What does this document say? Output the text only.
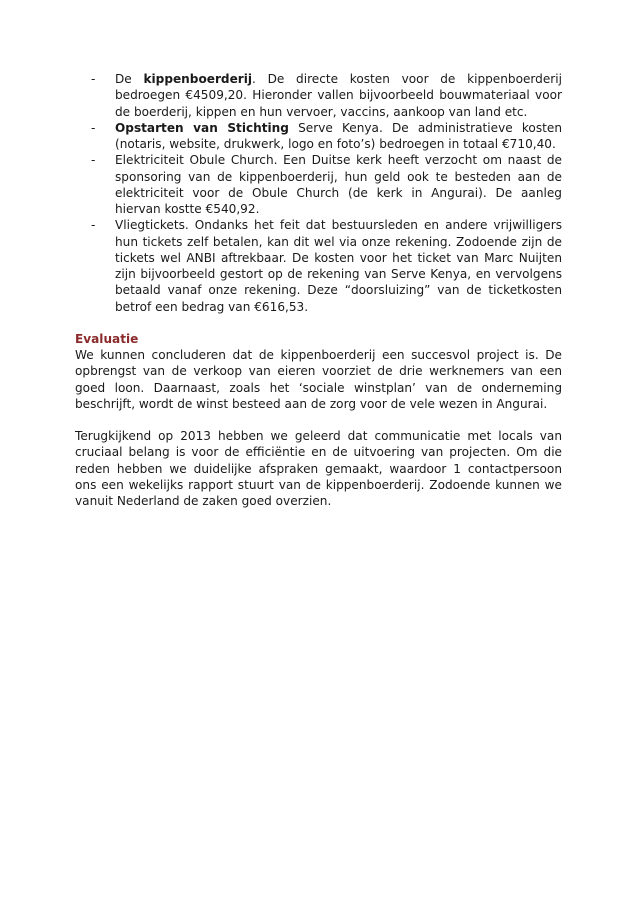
- De kippenboerderij. De directe kosten voor de kippenboerderij bedroegen €4509,20. Hieronder vallen bijvoorbeeld bouwmateriaal voor de boerderij, kippen en hun vervoer, vaccins, aankoop van land etc.
- Opstarten van Stichting Serve Kenya. De administratieve kosten (notaris, website, drukwerk, logo en foto’s) bedroegen in totaal €710,40.
- Elektriciteit Obule Church. Een Duitse kerk heeft verzocht om naast de sponsoring van de kippenboerderij, hun geld ook te besteden aan de elektriciteit voor de Obule Church (de kerk in Angurai). De aanleg hiervan kostte €540,92.
- Vliegtickets. Ondanks het feit dat bestuursleden en andere vrijwilligers hun tickets zelf betalen, kan dit wel via onze rekening. Zodoende zijn de tickets wel ANBI aftrekbaar. De kosten voor het ticket van Marc Nuijten zijn bijvoorbeeld gestort op de rekening van Serve Kenya, en vervolgens betaald vanaf onze rekening. Deze “doorsluizing” van de ticketkosten betrof een bedrag van €616,53.
Evaluatie

We kunnen concluderen dat de kippenboerderij een succesvol project is. De opbrengst van de verkoop van eieren voorziet de drie werknemers van een goed loon. Daarnaast, zoals het ‘sociale winstplan’ van de onderneming beschrijft, wordt de winst besteed aan de zorg voor de vele wezen in Angurai.

Terugkijkend op 2013 hebben we geleerd dat communicatie met locals van cruciaal belang is voor de efficiëntie en de uitvoering van projecten. Om die reden hebben we duidelijke afspraken gemaakt, waardoor 1 contactpersoon ons een wekelijks rapport stuurt van de kippenboerderij. Zodoende kunnen we vanuit Nederland de zaken goed overzien.
